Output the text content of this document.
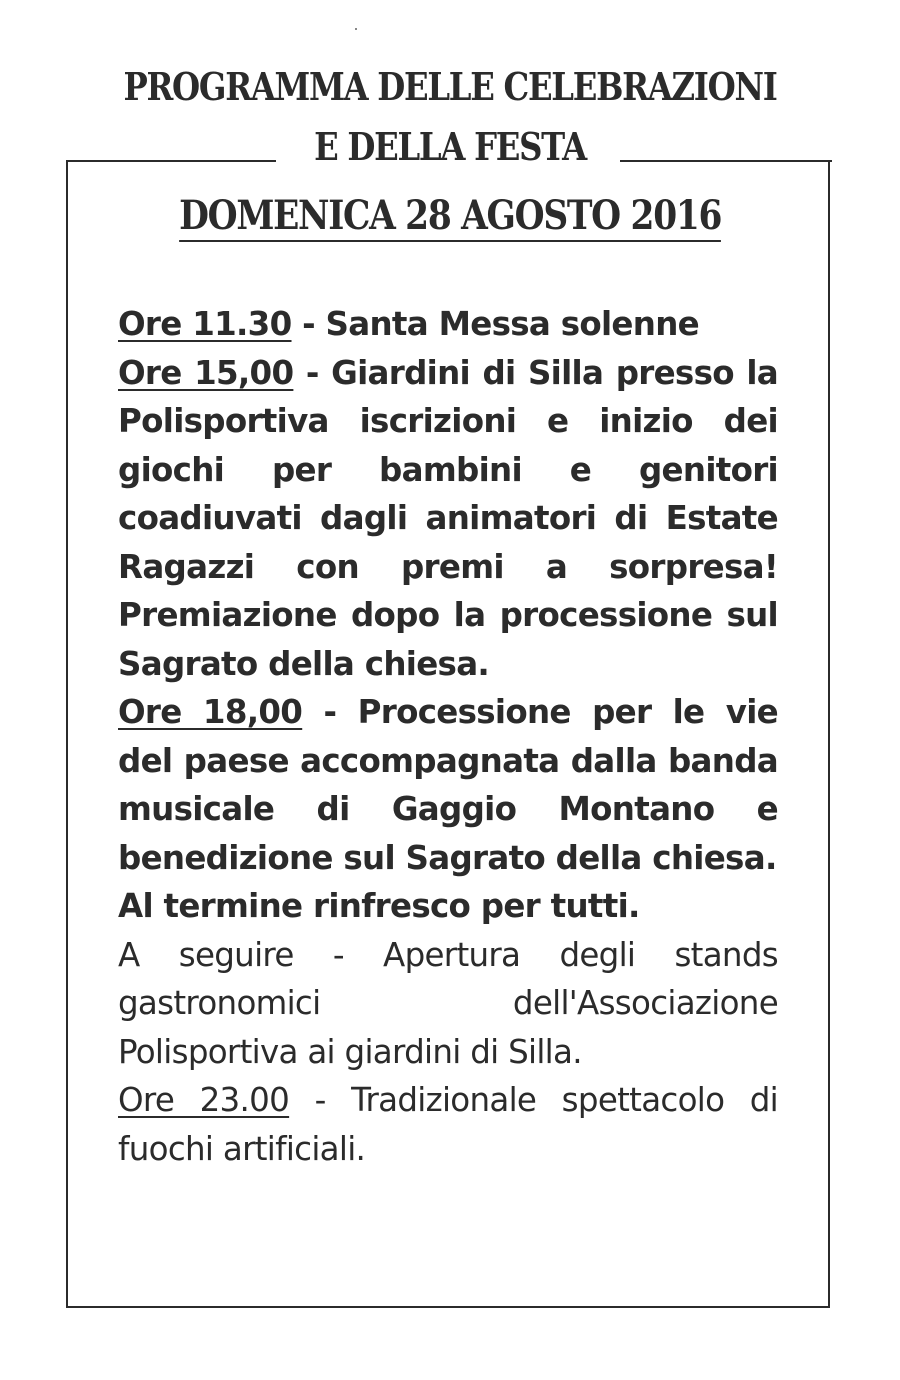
PROGRAMMA DELLE CELEBRAZIONI
E DELLA FESTA
DOMENICA 28 AGOSTO 2016

Ore 11.30 - Santa Messa solenne

Ore 15,00 - Giardini di Silla presso la Polisportiva iscrizioni e inizio dei giochi per bambini e genitori coadiuvati dagli animatori di Estate Ragazzi con premi a sorpresa! Premiazione dopo la processione sul Sagrato della chiesa.

Ore 18,00 - Processione per le vie del paese accompagnata dalla banda musicale di Gaggio Montano e benedizione sul Sagrato della chiesa.

Al termine rinfresco per tutti.

A seguire - Apertura degli stands gastronomici dell'Associazione Polisportiva ai giardini di Silla.

Ore 23.00 - Tradizionale spettacolo di fuochi artificiali.
